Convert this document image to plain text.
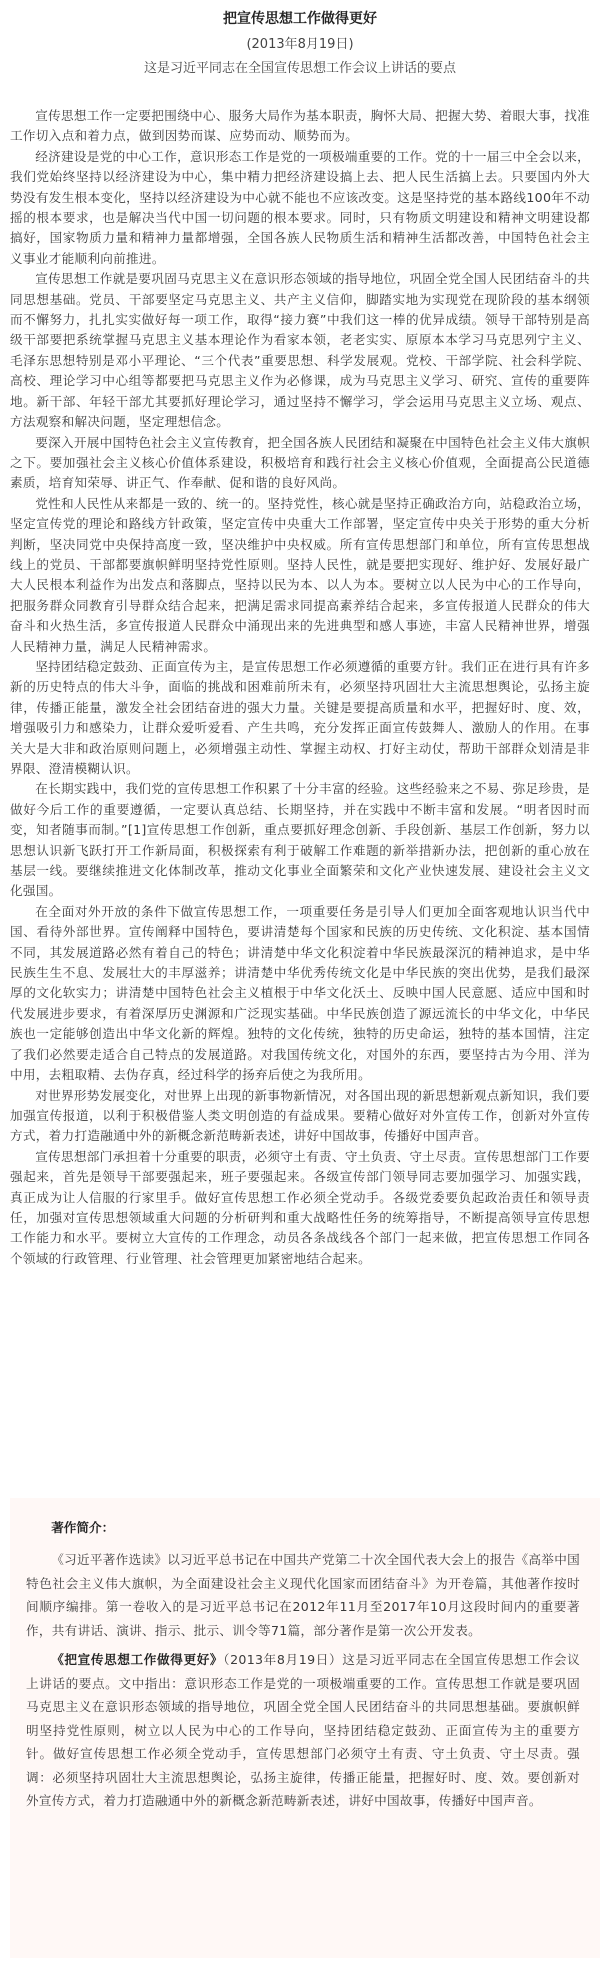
把宣传思想工作做得更好
(2013年8月19日)
这是习近平同志在全国宣传思想工作会议上讲话的要点

宣传思想工作一定要把围绕中心、服务大局作为基本职责，胸怀大局、把握大势、着眼大事，找准工作切入点和着力点，做到因势而谋、应势而动、顺势而为。

经济建设是党的中心工作，意识形态工作是党的一项极端重要的工作。党的十一届三中全会以来，我们党始终坚持以经济建设为中心，集中精力把经济建设搞上去、把人民生活搞上去。只要国内外大势没有发生根本变化，坚持以经济建设为中心就不能也不应该改变。这是坚持党的基本路线100年不动摇的根本要求，也是解决当代中国一切问题的根本要求。同时，只有物质文明建设和精神文明建设都搞好，国家物质力量和精神力量都增强，全国各族人民物质生活和精神生活都改善，中国特色社会主义事业才能顺利向前推进。

宣传思想工作就是要巩固马克思主义在意识形态领域的指导地位，巩固全党全国人民团结奋斗的共同思想基础。党员、干部要坚定马克思主义、共产主义信仰，脚踏实地为实现党在现阶段的基本纲领而不懈努力，扎扎实实做好每一项工作，取得“接力赛”中我们这一棒的优异成绩。领导干部特别是高级干部要把系统掌握马克思主义基本理论作为看家本领，老老实实、原原本本学习马克思列宁主义、毛泽东思想特别是邓小平理论、“三个代表”重要思想、科学发展观。党校、干部学院、社会科学院、高校、理论学习中心组等都要把马克思主义作为必修课，成为马克思主义学习、研究、宣传的重要阵地。新干部、年轻干部尤其要抓好理论学习，通过坚持不懈学习，学会运用马克思主义立场、观点、方法观察和解决问题，坚定理想信念。

要深入开展中国特色社会主义宣传教育，把全国各族人民团结和凝聚在中国特色社会主义伟大旗帜之下。要加强社会主义核心价值体系建设，积极培育和践行社会主义核心价值观，全面提高公民道德素质，培育知荣辱、讲正气、作奉献、促和谐的良好风尚。

党性和人民性从来都是一致的、统一的。坚持党性，核心就是坚持正确政治方向，站稳政治立场，坚定宣传党的理论和路线方针政策，坚定宣传中央重大工作部署，坚定宣传中央关于形势的重大分析判断，坚决同党中央保持高度一致，坚决维护中央权威。所有宣传思想部门和单位，所有宣传思想战线上的党员、干部都要旗帜鲜明坚持党性原则。坚持人民性，就是要把实现好、维护好、发展好最广大人民根本利益作为出发点和落脚点，坚持以民为本、以人为本。要树立以人民为中心的工作导向，把服务群众同教育引导群众结合起来，把满足需求同提高素养结合起来，多宣传报道人民群众的伟大奋斗和火热生活，多宣传报道人民群众中涌现出来的先进典型和感人事迹，丰富人民精神世界，增强人民精神力量，满足人民精神需求。

坚持团结稳定鼓劲、正面宣传为主，是宣传思想工作必须遵循的重要方针。我们正在进行具有许多新的历史特点的伟大斗争，面临的挑战和困难前所未有，必须坚持巩固壮大主流思想舆论，弘扬主旋律，传播正能量，激发全社会团结奋进的强大力量。关键是要提高质量和水平，把握好时、度、效，增强吸引力和感染力，让群众爱听爱看、产生共鸣，充分发挥正面宣传鼓舞人、激励人的作用。在事关大是大非和政治原则问题上，必须增强主动性、掌握主动权、打好主动仗，帮助干部群众划清是非界限、澄清模糊认识。

在长期实践中，我们党的宣传思想工作积累了十分丰富的经验。这些经验来之不易、弥足珍贵，是做好今后工作的重要遵循，一定要认真总结、长期坚持，并在实践中不断丰富和发展。“明者因时而变，知者随事而制。”[1]宣传思想工作创新，重点要抓好理念创新、手段创新、基层工作创新，努力以思想认识新飞跃打开工作新局面，积极探索有利于破解工作难题的新举措新办法，把创新的重心放在基层一线。要继续推进文化体制改革，推动文化事业全面繁荣和文化产业快速发展、建设社会主义文化强国。

在全面对外开放的条件下做宣传思想工作，一项重要任务是引导人们更加全面客观地认识当代中国、看待外部世界。宣传阐释中国特色，要讲清楚每个国家和民族的历史传统、文化积淀、基本国情不同，其发展道路必然有着自己的特色；讲清楚中华文化积淀着中华民族最深沉的精神追求，是中华民族生生不息、发展壮大的丰厚滋养；讲清楚中华优秀传统文化是中华民族的突出优势，是我们最深厚的文化软实力；讲清楚中国特色社会主义植根于中华文化沃土、反映中国人民意愿、适应中国和时代发展进步要求，有着深厚历史渊源和广泛现实基础。中华民族创造了源远流长的中华文化，中华民族也一定能够创造出中华文化新的辉煌。独特的文化传统，独特的历史命运，独特的基本国情，注定了我们必然要走适合自己特点的发展道路。对我国传统文化，对国外的东西，要坚持古为今用、洋为中用，去粗取精、去伪存真，经过科学的扬弃后使之为我所用。

对世界形势发展变化，对世界上出现的新事物新情况，对各国出现的新思想新观点新知识，我们要加强宣传报道，以利于积极借鉴人类文明创造的有益成果。要精心做好对外宣传工作，创新对外宣传方式，着力打造融通中外的新概念新范畴新表述，讲好中国故事，传播好中国声音。

宣传思想部门承担着十分重要的职责，必须守土有责、守土负责、守土尽责。宣传思想部门工作要强起来，首先是领导干部要强起来，班子要强起来。各级宣传部门领导同志要加强学习、加强实践，真正成为让人信服的行家里手。做好宣传思想工作必须全党动手。各级党委要负起政治责任和领导责任，加强对宣传思想领域重大问题的分析研判和重大战略性任务的统筹指导，不断提高领导宣传思想工作能力和水平。要树立大宣传的工作理念，动员各条战线各个部门一起来做，把宣传思想工作同各个领域的行政管理、行业管理、社会管理更加紧密地结合起来。

著作简介：

《习近平著作选读》以习近平总书记在中国共产党第二十次全国代表大会上的报告《高举中国特色社会主义伟大旗帜，为全面建设社会主义现代化国家而团结奋斗》为开卷篇，其他著作按时间顺序编排。第一卷收入的是习近平总书记在2012年11月至2017年10月这段时间内的重要著作，共有讲话、演讲、指示、批示、训令等71篇，部分著作是第一次公开发表。

《把宣传思想工作做得更好》（2013年8月19日）这是习近平同志在全国宣传思想工作会议上讲话的要点。文中指出：意识形态工作是党的一项极端重要的工作。宣传思想工作就是要巩固马克思主义在意识形态领域的指导地位，巩固全党全国人民团结奋斗的共同思想基础。要旗帜鲜明坚持党性原则，树立以人民为中心的工作导向，坚持团结稳定鼓劲、正面宣传为主的重要方针。做好宣传思想工作必须全党动手，宣传思想部门必须守土有责、守土负责、守土尽责。强调：必须坚持巩固壮大主流思想舆论，弘扬主旋律，传播正能量，把握好时、度、效。要创新对外宣传方式，着力打造融通中外的新概念新范畴新表述，讲好中国故事，传播好中国声音。
